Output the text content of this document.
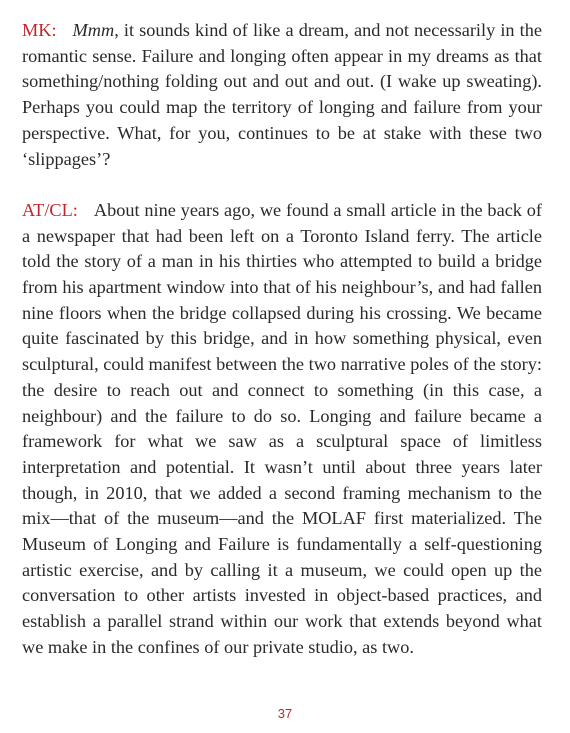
MK: Mmm, it sounds kind of like a dream, and not necessarily in the romantic sense. Failure and longing often appear in my dreams as that something/nothing folding out and out and out. (I wake up sweating). Perhaps you could map the territory of longing and failure from your perspective. What, for you, continues to be at stake with these two ‘slippages’?

AT/CL: About nine years ago, we found a small article in the back of a newspaper that had been left on a Toronto Island ferry. The article told the story of a man in his thirties who attempted to build a bridge from his apartment window into that of his neighbour’s, and had fallen nine floors when the bridge collapsed during his crossing. We became quite fascinated by this bridge, and in how something physical, even sculptural, could manifest between the two narrative poles of the story: the desire to reach out and connect to something (in this case, a neighbour) and the failure to do so. Longing and failure became a framework for what we saw as a sculptural space of limitless interpretation and potential. It wasn’t until about three years later though, in 2010, that we added a second framing mechanism to the mix—that of the museum—and the MOLAF first materialized. The Museum of Longing and Failure is fundamentally a self-questioning artistic exercise, and by calling it a museum, we could open up the conversation to other artists invested in object-based practices, and establish a parallel strand within our work that extends beyond what we make in the confines of our private studio, as two.

37
